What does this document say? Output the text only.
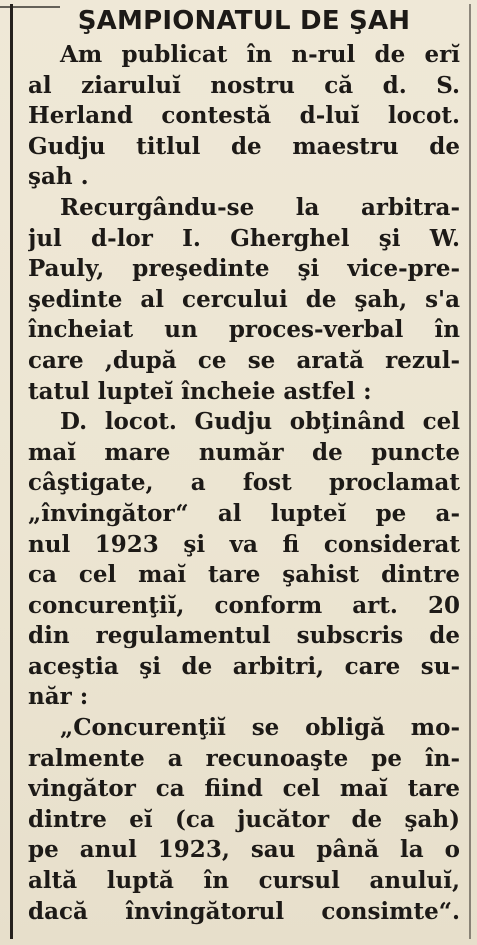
ŞAMPIONATUL DE ŞAH
Am publicat în n-rul de erĭ
al ziaruluĭ nostru că d. S.
Herland contestă d-luĭ locot.
Gudju titlul de maestru de
şah .
Recurgându-se la arbitra-
jul d-lor I. Gherghel şi W.
Pauly, preşedinte şi vice-pre-
şedinte al cercului de şah, s'a
încheiat un proces-verbal în
care ,după ce se arată rezul-
tatul lupteĭ încheie astfel :
D. locot. Gudju obţinând cel
maĭ mare număr de puncte
câştigate, a fost proclamat
„învingător“ al lupteĭ pe a-
nul 1923 şi va fi considerat
ca cel maĭ tare şahist dintre
concurenţiĭ, conform art. 20
din regulamentul subscris de
aceştia şi de arbitri, care su-
năr :
„Concurenţiĭ se obligă mo-
ralmente a recunoaşte pe în-
vingător ca fiind cel maĭ tare
dintre eĭ (ca jucător de şah)
pe anul 1923, sau până la o
altă luptă în cursul anuluĭ,
dacă învingătorul consimte“.
